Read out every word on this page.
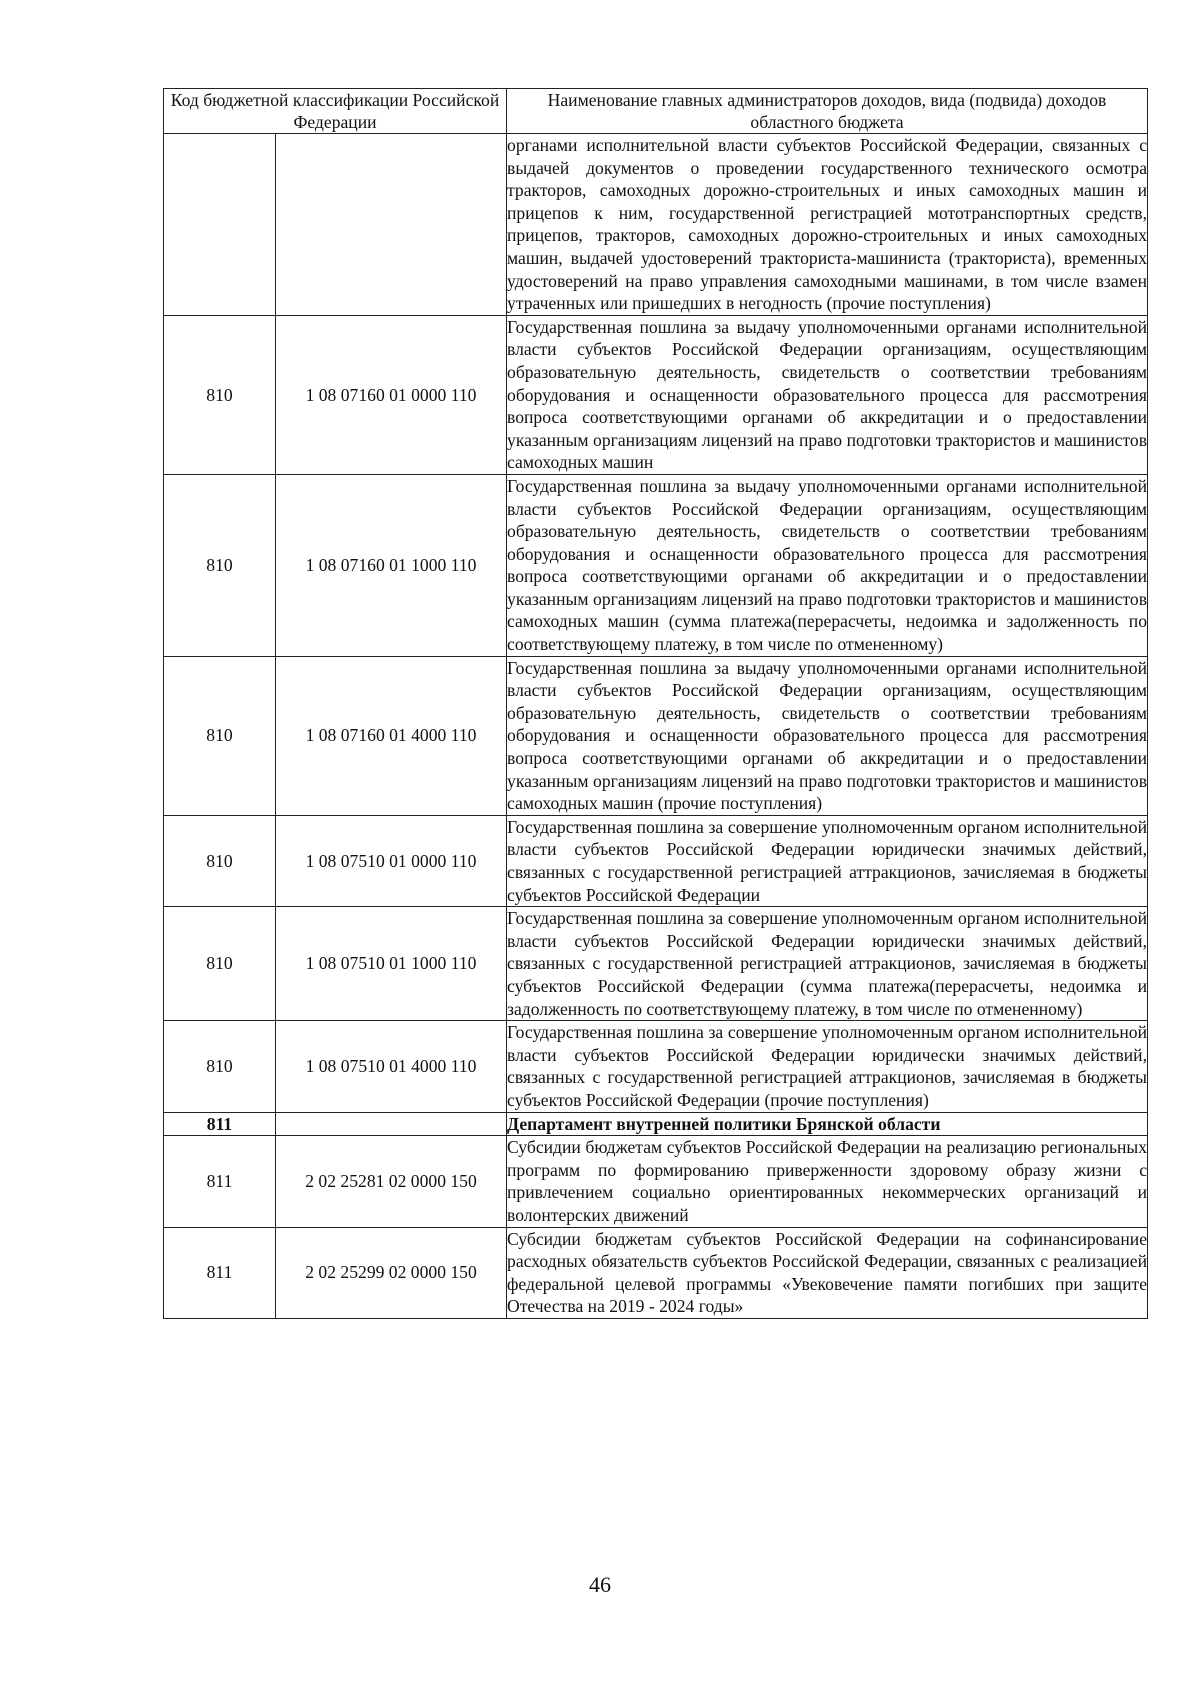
Код бюджетной классификации Российской Федерации		Наименование главных администраторов доходов, вида (подвида) доходов областного бюджета
		органами исполнительной власти субъектов Российской Федерации, связанных с выдачей документов о проведении государственного технического осмотра тракторов, самоходных дорожно-строительных и иных самоходных машин и прицепов к ним, государственной регистрацией мототранспортных средств, прицепов, тракторов, самоходных дорожно-строительных и иных самоходных машин, выдачей удостоверений тракториста-машиниста (тракториста), временных удостоверений на право управления самоходными машинами, в том числе взамен утраченных или пришедших в негодность (прочие поступления)
810	1 08 07160 01 0000 110	Государственная пошлина за выдачу уполномоченными органами исполнительной власти субъектов Российской Федерации организациям, осуществляющим образовательную деятельность, свидетельств о соответствии требованиям оборудования и оснащенности образовательного процесса для рассмотрения вопроса соответствующими органами об аккредитации и о предоставлении указанным организациям лицензий на право подготовки трактористов и машинистов самоходных машин
810	1 08 07160 01 1000 110	Государственная пошлина за выдачу уполномоченными органами исполнительной власти субъектов Российской Федерации организациям, осуществляющим образовательную деятельность, свидетельств о соответствии требованиям оборудования и оснащенности образовательного процесса для рассмотрения вопроса соответствующими органами об аккредитации и о предоставлении указанным организациям лицензий на право подготовки трактористов и машинистов самоходных машин (сумма платежа(перерасчеты, недоимка и задолженность по соответствующему платежу, в том числе по отмененному)
810	1 08 07160 01 4000 110	Государственная пошлина за выдачу уполномоченными органами исполнительной власти субъектов Российской Федерации организациям, осуществляющим образовательную деятельность, свидетельств о соответствии требованиям оборудования и оснащенности образовательного процесса для рассмотрения вопроса соответствующими органами об аккредитации и о предоставлении указанным организациям лицензий на право подготовки трактористов и машинистов самоходных машин (прочие поступления)
810	1 08 07510 01 0000 110	Государственная пошлина за совершение уполномоченным органом исполнительной власти субъектов Российской Федерации юридически значимых действий, связанных с государственной регистрацией аттракционов, зачисляемая в бюджеты субъектов Российской Федерации
810	1 08 07510 01 1000 110	Государственная пошлина за совершение уполномоченным органом исполнительной власти субъектов Российской Федерации юридически значимых действий, связанных с государственной регистрацией аттракционов, зачисляемая в бюджеты субъектов Российской Федерации (сумма платежа(перерасчеты, недоимка и задолженность по соответствующему платежу, в том числе по отмененному)
810	1 08 07510 01 4000 110	Государственная пошлина за совершение уполномоченным органом исполнительной власти субъектов Российской Федерации юридически значимых действий, связанных с государственной регистрацией аттракционов, зачисляемая в бюджеты субъектов Российской Федерации (прочие поступления)
811		Департамент внутренней политики Брянской области
811	2 02 25281 02 0000 150	Субсидии бюджетам субъектов Российской Федерации на реализацию региональных программ по формированию приверженности здоровому образу жизни с привлечением социально ориентированных некоммерческих организаций и волонтерских движений
811	2 02 25299 02 0000 150	Субсидии бюджетам субъектов Российской Федерации на софинансирование расходных обязательств субъектов Российской Федерации, связанных с реализацией федеральной целевой программы «Увековечение памяти погибших при защите Отечества на 2019 - 2024 годы»
46
